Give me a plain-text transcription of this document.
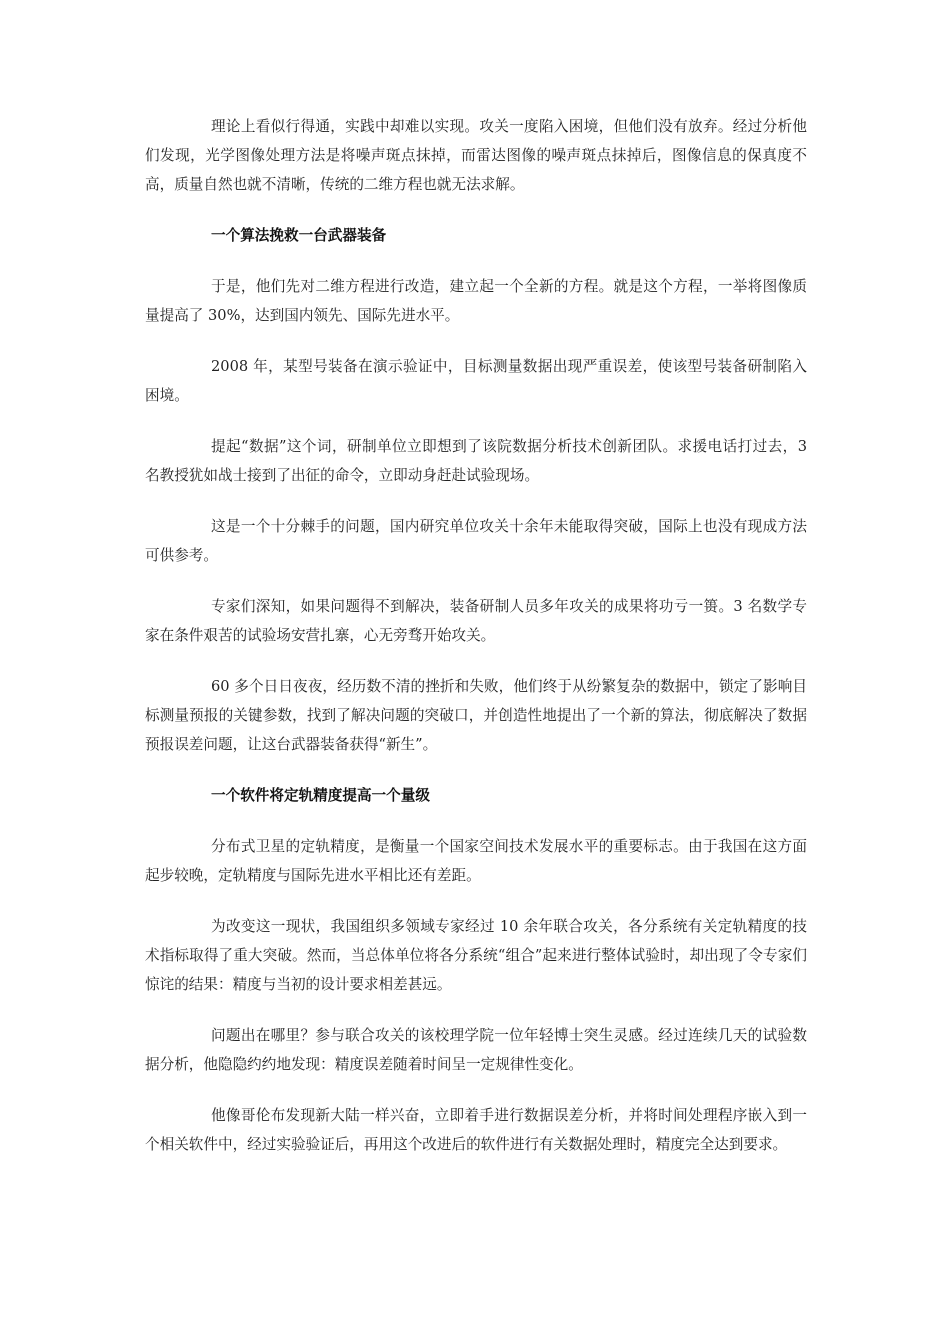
理论上看似行得通，实践中却难以实现。攻关一度陷入困境，但他们没有放弃。经过分析他们发现，光学图像处理方法是将噪声斑点抹掉，而雷达图像的噪声斑点抹掉后，图像信息的保真度不高，质量自然也就不清晰，传统的二维方程也就无法求解。

一个算法挽救一台武器装备

于是，他们先对二维方程进行改造，建立起一个全新的方程。就是这个方程，一举将图像质量提高了 30%，达到国内领先、国际先进水平。

2008 年，某型号装备在演示验证中，目标测量数据出现严重误差，使该型号装备研制陷入困境。

提起“数据”这个词，研制单位立即想到了该院数据分析技术创新团队。求援电话打过去，3 名教授犹如战士接到了出征的命令，立即动身赶赴试验现场。

这是一个十分棘手的问题，国内研究单位攻关十余年未能取得突破，国际上也没有现成方法可供参考。

专家们深知，如果问题得不到解决，装备研制人员多年攻关的成果将功亏一篑。3 名数学专家在条件艰苦的试验场安营扎寨，心无旁骛开始攻关。

60 多个日日夜夜，经历数不清的挫折和失败，他们终于从纷繁复杂的数据中，锁定了影响目标测量预报的关键参数，找到了解决问题的突破口，并创造性地提出了一个新的算法，彻底解决了数据预报误差问题，让这台武器装备获得“新生”。

一个软件将定轨精度提高一个量级

分布式卫星的定轨精度，是衡量一个国家空间技术发展水平的重要标志。由于我国在这方面起步较晚，定轨精度与国际先进水平相比还有差距。

为改变这一现状，我国组织多领域专家经过 10 余年联合攻关，各分系统有关定轨精度的技术指标取得了重大突破。然而，当总体单位将各分系统“组合”起来进行整体试验时，却出现了令专家们惊诧的结果：精度与当初的设计要求相差甚远。

问题出在哪里？参与联合攻关的该校理学院一位年轻博士突生灵感。经过连续几天的试验数据分析，他隐隐约约地发现：精度误差随着时间呈一定规律性变化。

他像哥伦布发现新大陆一样兴奋，立即着手进行数据误差分析，并将时间处理程序嵌入到一个相关软件中，经过实验验证后，再用这个改进后的软件进行有关数据处理时，精度完全达到要求。
